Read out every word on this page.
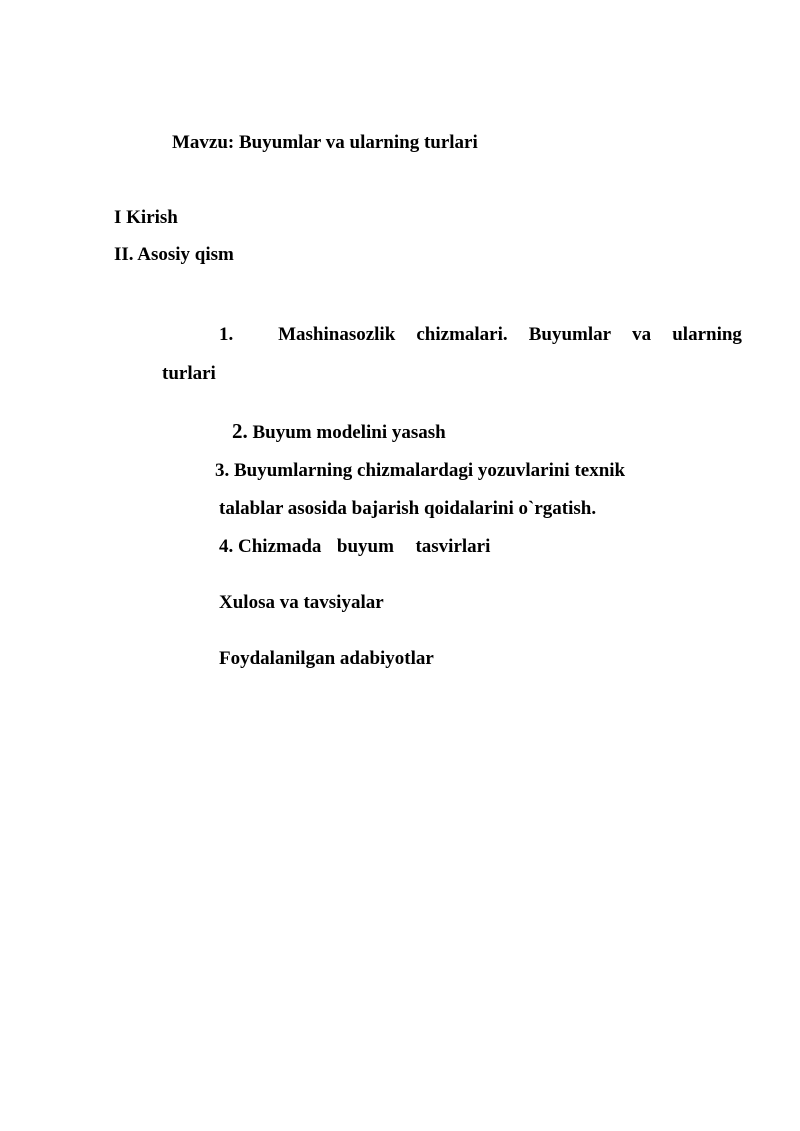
Mavzu: Buyumlar va ularning turlari
I Kirish
II. Asosiy qism
1.	Mashinasozlik chizmalari. Buyumlar va ularning
turlari
2. Buyum modelini yasash
3. Buyumlarning chizmalardagi yozuvlarini texnik
talablar asosida bajarish qoidalarini o`rgatish.
4. Chizmada buyum tasvirlari
Xulosa va tavsiyalar
Foydalanilgan adabiyotlar
